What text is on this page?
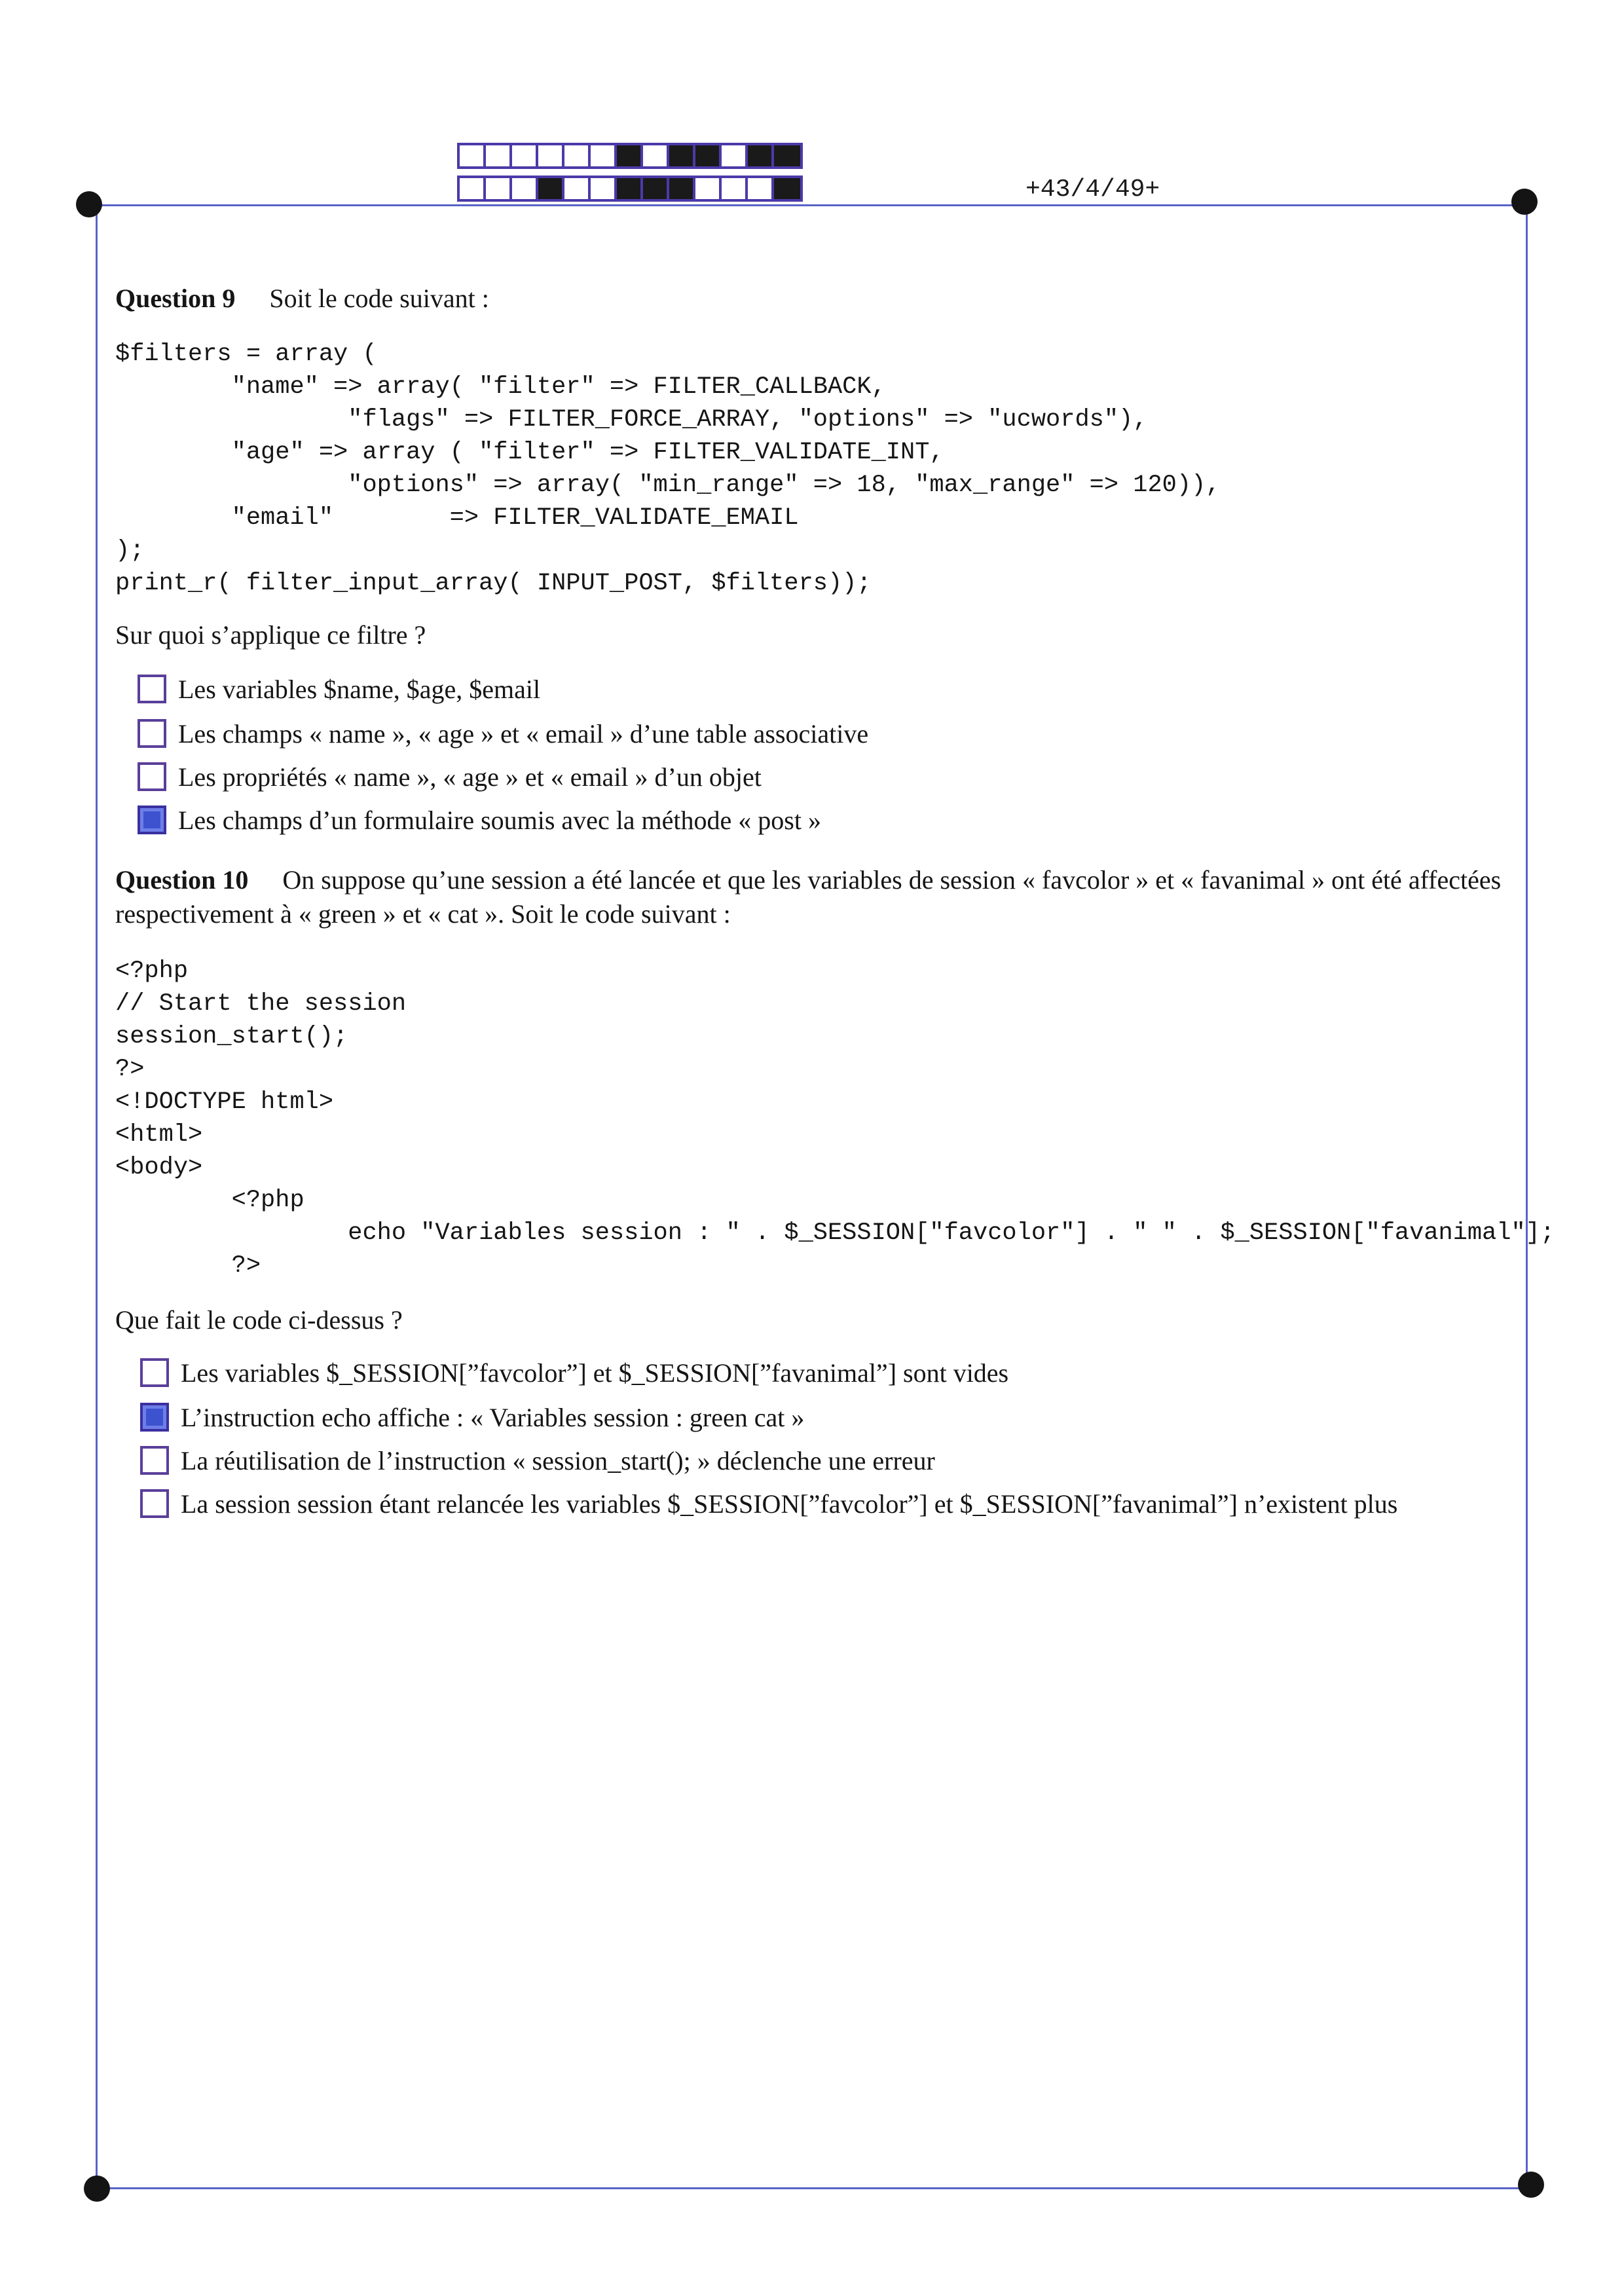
+43/4/49+
Question 9 Soit le code suivant :
$filters = array (
"name" => array( "filter" => FILTER_CALLBACK,
"flags" => FILTER_FORCE_ARRAY, "options" => "ucwords"),
"age" => array ( "filter" => FILTER_VALIDATE_INT,
"options" => array( "min_range" => 18, "max_range" => 120)),
"email"        => FILTER_VALIDATE_EMAIL
);
print_r( filter_input_array( INPUT_POST, $filters));
Sur quoi s’applique ce filtre ?
Les variables $name, $age, $email
Les champs « name », « age » et « email » d’une table associative
Les propriétés « name », « age » et « email » d’un objet
Les champs d’un formulaire soumis avec la méthode « post »
Question 10 On suppose qu’une session a été lancée et que les variables de session « favcolor » et « favanimal » ont été affectées respectivement à « green » et « cat ». Soit le code suivant :
<?php
// Start the session
session_start();
?>
<!DOCTYPE html>
<html>
<body>
<?php
echo "Variables session : " . $_SESSION["favcolor"] . " " . $_SESSION["favanimal"];
?>
Que fait le code ci-dessus ?
Les variables $_SESSION[”favcolor”] et $_SESSION[”favanimal”] sont vides
L’instruction echo affiche : « Variables session : green cat »
La réutilisation de l’instruction « session_start(); » déclenche une erreur
La session session étant relancée les variables $_SESSION[”favcolor”] et $_SESSION[”favanimal”] n’existent plus
